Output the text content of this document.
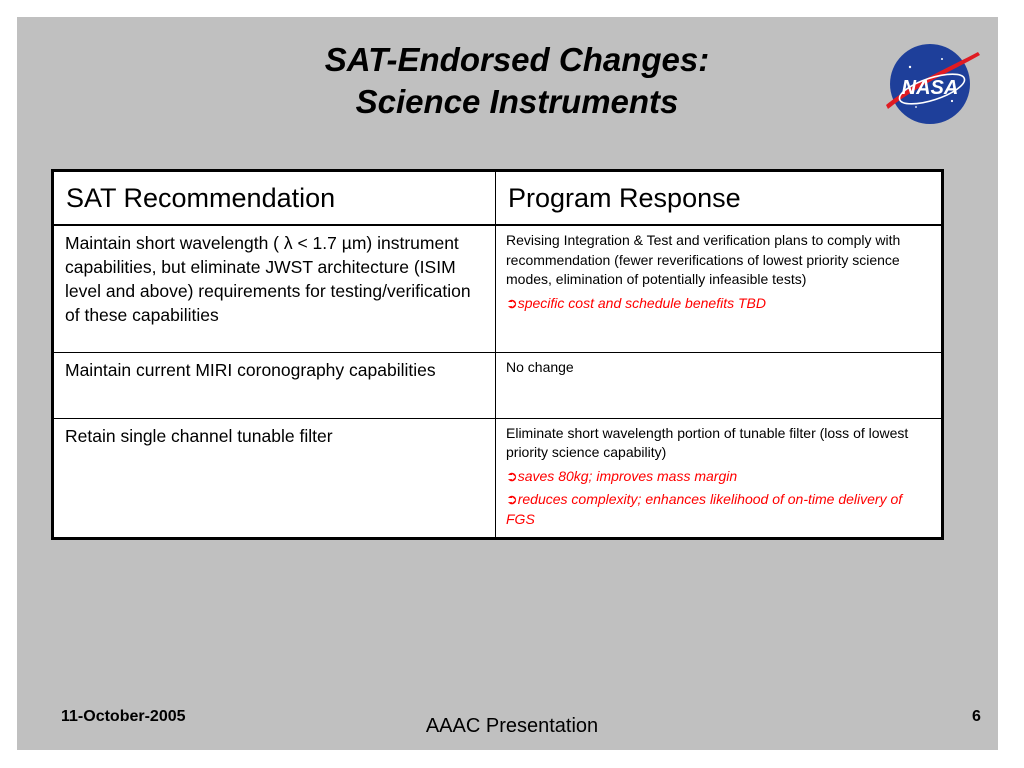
SAT-Endorsed Changes:
Science Instruments	NASA
SAT Recommendation	Program Response
Maintain short wavelength ( λ < 1.7 µm) instrument capabilities, but eliminate JWST architecture (ISIM level and above) requirements for testing/verification of these capabilities	Revising Integration & Test and verification plans to comply with recommendation (fewer reverifications of lowest priority science modes, elimination of potentially infeasible tests)

➲specific cost and schedule benefits TBD

Maintain current MIRI coronography capabilities	No change

Retain single channel tunable filter	Eliminate short wavelength portion of tunable filter (loss of lowest priority science capability)

➲saves 80kg; improves mass margin

➲reduces complexity; enhances likelihood of on-time delivery of FGS

11-October-2005	AAAC Presentation	6
